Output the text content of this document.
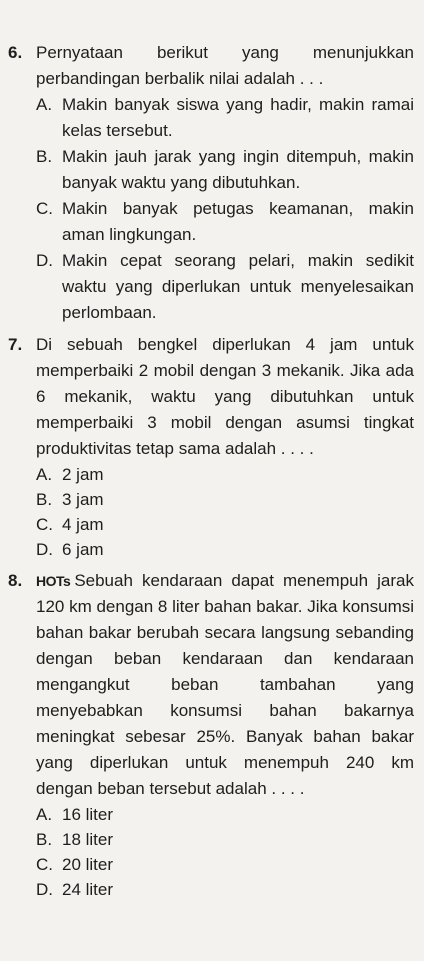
6. Pernyataan berikut yang menunjukkan perbandingan berbalik nilai adalah . . .
A. Makin banyak siswa yang hadir, makin ramai kelas tersebut.
B. Makin jauh jarak yang ingin ditempuh, makin banyak waktu yang dibutuhkan.
C. Makin banyak petugas keamanan, makin aman lingkungan.
D. Makin cepat seorang pelari, makin sedikit waktu yang diperlukan untuk menyelesaikan perlombaan.
7. Di sebuah bengkel diperlukan 4 jam untuk memperbaiki 2 mobil dengan 3 mekanik. Jika ada 6 mekanik, waktu yang dibutuhkan untuk memperbaiki 3 mobil dengan asumsi tingkat produktivitas tetap sama adalah . . . .
A. 2 jam
B. 3 jam
C. 4 jam
D. 6 jam
8. HOTs Sebuah kendaraan dapat menempuh jarak 120 km dengan 8 liter bahan bakar. Jika konsumsi bahan bakar berubah secara langsung sebanding dengan beban kendaraan dan kendaraan mengangkut beban tambahan yang menyebabkan konsumsi bahan bakarnya meningkat sebesar 25%. Banyak bahan bakar yang diperlukan untuk menempuh 240 km dengan beban tersebut adalah . . . .
A. 16 liter
B. 18 liter
C. 20 liter
D. 24 liter
